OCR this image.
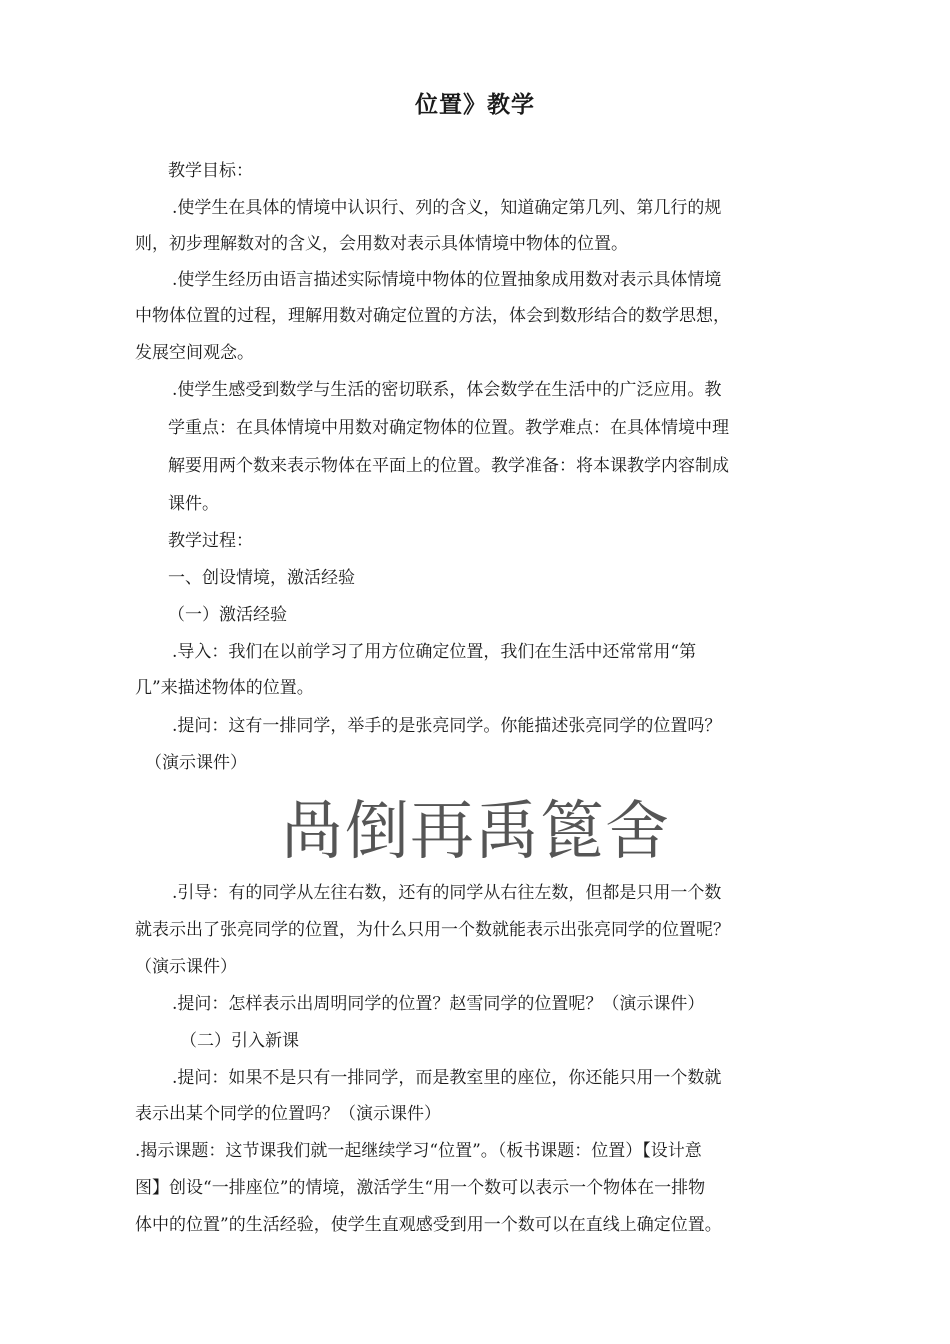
位置》教学
教学目标：
.使学生在具体的情境中认识行、列的含义，知道确定第几列、第几行的规
则，初步理解数对的含义，会用数对表示具体情境中物体的位置。
.使学生经历由语言描述实际情境中物体的位置抽象成用数对表示具体情境
中物体位置的过程，理解用数对确定位置的方法，体会到数形结合的数学思想，
发展空间观念。
.使学生感受到数学与生活的密切联系，体会数学在生活中的广泛应用。教
学重点：在具体情境中用数对确定物体的位置。教学难点：在具体情境中理
解要用两个数来表示物体在平面上的位置。教学准备：将本课教学内容制成
课件。
教学过程：
一、创设情境，激活经验
（一）激活经验
.导入：我们在以前学习了用方位确定位置，我们在生活中还常常用“第
几”来描述物体的位置。
.提问：这有一排同学，举手的是张亮同学。你能描述张亮同学的位置吗？
（演示课件）
咼倒再禹篦舍
.引导：有的同学从左往右数，还有的同学从右往左数，但都是只用一个数
就表示出了张亮同学的位置，为什么只用一个数就能表示出张亮同学的位置呢？
（演示课件）
.提问：怎样表示出周明同学的位置？赵雪同学的位置呢？（演示课件）
（二）引入新课
.提问：如果不是只有一排同学，而是教室里的座位，你还能只用一个数就
表示出某个同学的位置吗？（演示课件）
.揭示课题：这节课我们就一起继续学习“位置”。（板书课题：位置）【设计意
图】创设“一排座位”的情境，激活学生“用一个数可以表示一个物体在一排物
体中的位置”的生活经验，使学生直观感受到用一个数可以在直线上确定位置。
